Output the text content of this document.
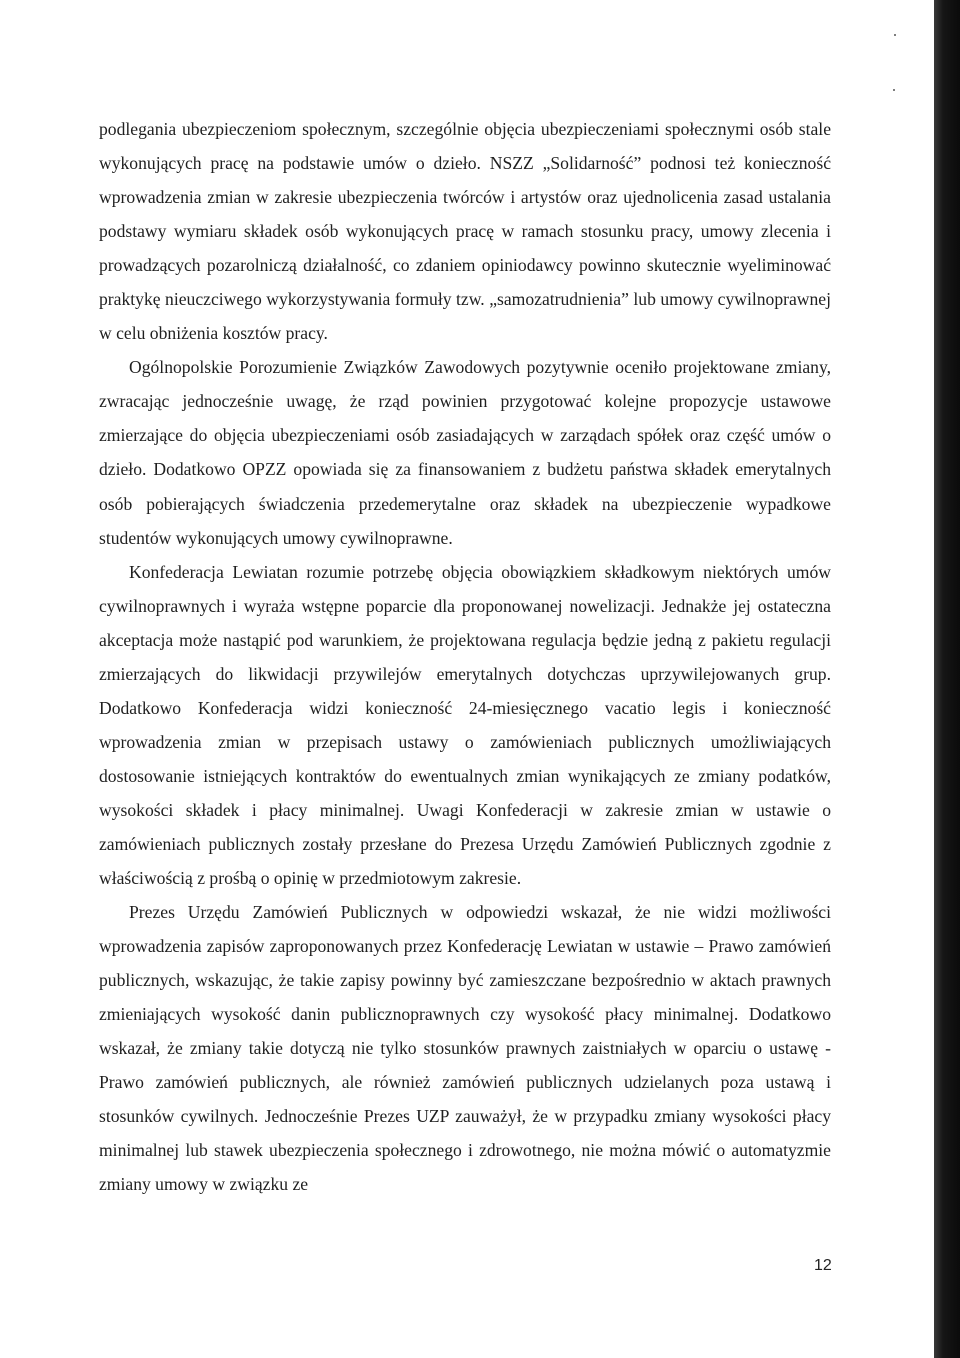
podlegania ubezpieczeniom społecznym, szczególnie objęcia ubezpieczeniami społecznymi osób stale wykonujących pracę na podstawie umów o dzieło. NSZZ „Solidarność” podnosi też konieczność wprowadzenia zmian w zakresie ubezpieczenia twórców i artystów oraz ujednolicenia zasad ustalania podstawy wymiaru składek osób wykonujących pracę w ramach stosunku pracy, umowy zlecenia i prowadzących pozarolniczą działalność, co zdaniem opiniodawcy powinno skutecznie wyeliminować praktykę nieuczciwego wykorzystywania formuły tzw. „samozatrudnienia” lub umowy cywilnoprawnej w celu obniżenia kosztów pracy.

Ogólnopolskie Porozumienie Związków Zawodowych pozytywnie oceniło projektowane zmiany, zwracając jednocześnie uwagę, że rząd powinien przygotować kolejne propozycje ustawowe zmierzające do objęcia ubezpieczeniami osób zasiadających w zarządach spółek oraz część umów o dzieło. Dodatkowo OPZZ opowiada się za finansowaniem z budżetu państwa składek emerytalnych osób pobierających świadczenia przedemerytalne oraz składek na ubezpieczenie wypadkowe studentów wykonujących umowy cywilnoprawne.

Konfederacja Lewiatan rozumie potrzebę objęcia obowiązkiem składkowym niektórych umów cywilnoprawnych i wyraża wstępne poparcie dla proponowanej nowelizacji. Jednakże jej ostateczna akceptacja może nastąpić pod warunkiem, że projektowana regulacja będzie jedną z pakietu regulacji zmierzających do likwidacji przywilejów emerytalnych dotychczas uprzywilejowanych grup. Dodatkowo Konfederacja widzi konieczność 24-miesięcznego vacatio legis i konieczność wprowadzenia zmian w przepisach ustawy o zamówieniach publicznych umożliwiających dostosowanie istniejących kontraktów do ewentualnych zmian wynikających ze zmiany podatków, wysokości składek i płacy minimalnej. Uwagi Konfederacji w zakresie zmian w ustawie o zamówieniach publicznych zostały przesłane do Prezesa Urzędu Zamówień Publicznych zgodnie z właściwością z prośbą o opinię w przedmiotowym zakresie.

Prezes Urzędu Zamówień Publicznych w odpowiedzi wskazał, że nie widzi możliwości wprowadzenia zapisów zaproponowanych przez Konfederację Lewiatan w ustawie – Prawo zamówień publicznych, wskazując, że takie zapisy powinny być zamieszczane bezpośrednio w aktach prawnych zmieniających wysokość danin publicznoprawnych czy wysokość płacy minimalnej. Dodatkowo wskazał, że zmiany takie dotyczą nie tylko stosunków prawnych zaistniałych w oparciu o ustawę - Prawo zamówień publicznych, ale również zamówień publicznych udzielanych poza ustawą i stosunków cywilnych. Jednocześnie Prezes UZP zauważył, że w przypadku zmiany wysokości płacy minimalnej lub stawek ubezpieczenia społecznego i zdrowotnego, nie można mówić o automatyzmie zmiany umowy w związku ze

12
